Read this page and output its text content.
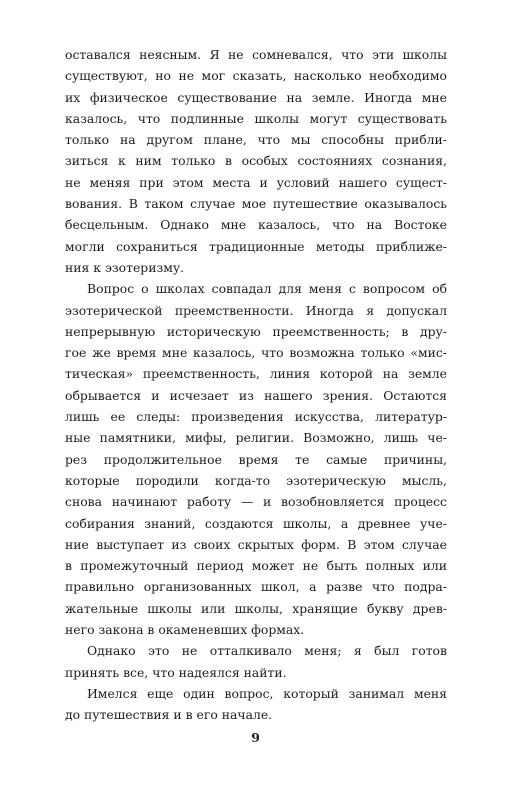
оставался неясным. Я не сомневался, что эти школы
существуют, но не мог сказать, насколько необходимо
их физическое существование на земле. Иногда мне
казалось, что подлинные школы могут существовать
только на другом плане, что мы способны прибли-
зиться к ним только в особых состояниях сознания,
не меняя при этом места и условий нашего сущест-
вования. В таком случае мое путешествие оказывалось
бесцельным. Однако мне казалось, что на Востоке
могли сохраниться традиционные методы приближе-
ния к эзотеризму.
Вопрос о школах совпадал для меня с вопросом об
эзотерической преемственности. Иногда я допускал
непрерывную историческую преемственность; в дру-
гое же время мне казалось, что возможна только «мис-
тическая» преемственность, линия которой на земле
обрывается и исчезает из нашего зрения. Остаются
лишь ее следы: произведения искусства, литератур-
ные памятники, мифы, религии. Возможно, лишь че-
рез продолжительное время те самые причины,
которые породили когда-то эзотерическую мысль,
снова начинают работу — и возобновляется процесс
собирания знаний, создаются школы, а древнее уче-
ние выступает из своих скрытых форм. В этом случае
в промежуточный период может не быть полных или
правильно организованных школ, а разве что подра-
жательные школы или школы, хранящие букву древ-
него закона в окаменевших формах.
Однако это не отталкивало меня; я был готов
принять все, что надеялся найти.
Имелся еще один вопрос, который занимал меня
до путешествия и в его начале.
9
